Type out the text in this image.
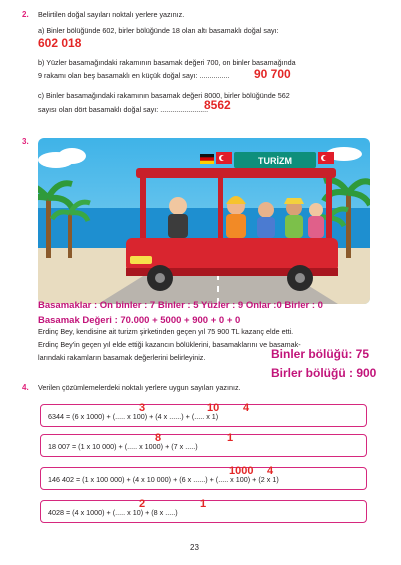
2. Belirtilen doğal sayıları noktalı yerlere yazınız.
a) Binler bölüğünde 602, birler bölüğünde 18 olan altı basamaklı doğal sayı:
602 018
b) Yüzler basamağındaki rakamının basamak değeri 700, on binler basamağında
9 rakamı olan beş basamaklı en küçük doğal sayı: ............... 90 700
c) Binler basamağındaki rakamının basamak değeri 8000, birler bölüğünde 562
sayısı olan dört basamaklı doğal sayı: ........................
8562
3.
TURİZM
Basamaklar : On binler : 7 Binler : 5 Yüzler : 9 Onlar :0 Birler : 0
Basamak Değeri : 70.000 + 5000 + 900 + 0 + 0
Erdinç Bey, kendisine ait turizm şirketinden geçen yıl 75 900 TL kazanç elde etti.
Erdinç Bey'in geçen yıl elde ettiği kazancın bölüklerini, basamaklarını ve basamak-
larındaki rakamların basamak değerlerini belirleyiniz.	Binler bölüğü: 75
Birler bölüğü : 900
4. Verilen çözümlemelerdeki noktalı yerlere uygun sayıları yazınız.
6344 = (6 x 1000) + (..... x 100) + (4 x ......) + (..... x 1)
3	10 4
18 007 = (1 x 10 000) + (..... x 1000) + (7 x .....)
8	1
146 402 = (1 x 100 000) + (4 x 10 000) + (6 x ......) + (..... x 100) + (2 x 1)
1000 4
4028 = (4 x 1000) + (..... x 10) + (8 x .....)
2	1
23
